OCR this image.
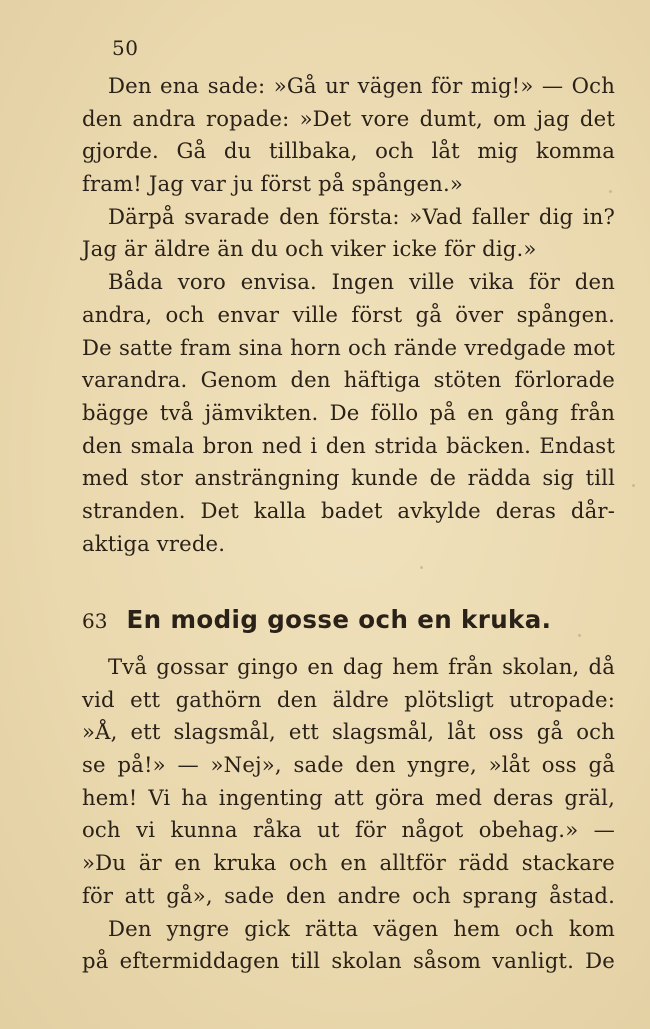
50
Den ena sade: »Gå ur vägen för mig!» — Och
den andra ropade: »Det vore dumt, om jag det
gjorde. Gå du tillbaka, och låt mig komma
fram! Jag var ju först på spången.»
Därpå svarade den första: »Vad faller dig in?
Jag är äldre än du och viker icke för dig.»
Båda voro envisa. Ingen ville vika för den
andra, och envar ville först gå över spången.
De satte fram sina horn och rände vredgade mot
varandra. Genom den häftiga stöten förlorade
bägge två jämvikten. De föllo på en gång från
den smala bron ned i den strida bäcken. Endast
med stor ansträngning kunde de rädda sig till
stranden. Det kalla badet avkylde deras dår-
aktiga vrede.
63 En modig gosse och en kruka.
Två gossar gingo en dag hem från skolan, då
vid ett gathörn den äldre plötsligt utropade:
»Å, ett slagsmål, ett slagsmål, låt oss gå och
se på!» — »Nej», sade den yngre, »låt oss gå
hem! Vi ha ingenting att göra med deras gräl,
och vi kunna råka ut för något obehag.» —
»Du är en kruka och en alltför rädd stackare
för att gå», sade den andre och sprang åstad.
Den yngre gick rätta vägen hem och kom
på eftermiddagen till skolan såsom vanligt. De
